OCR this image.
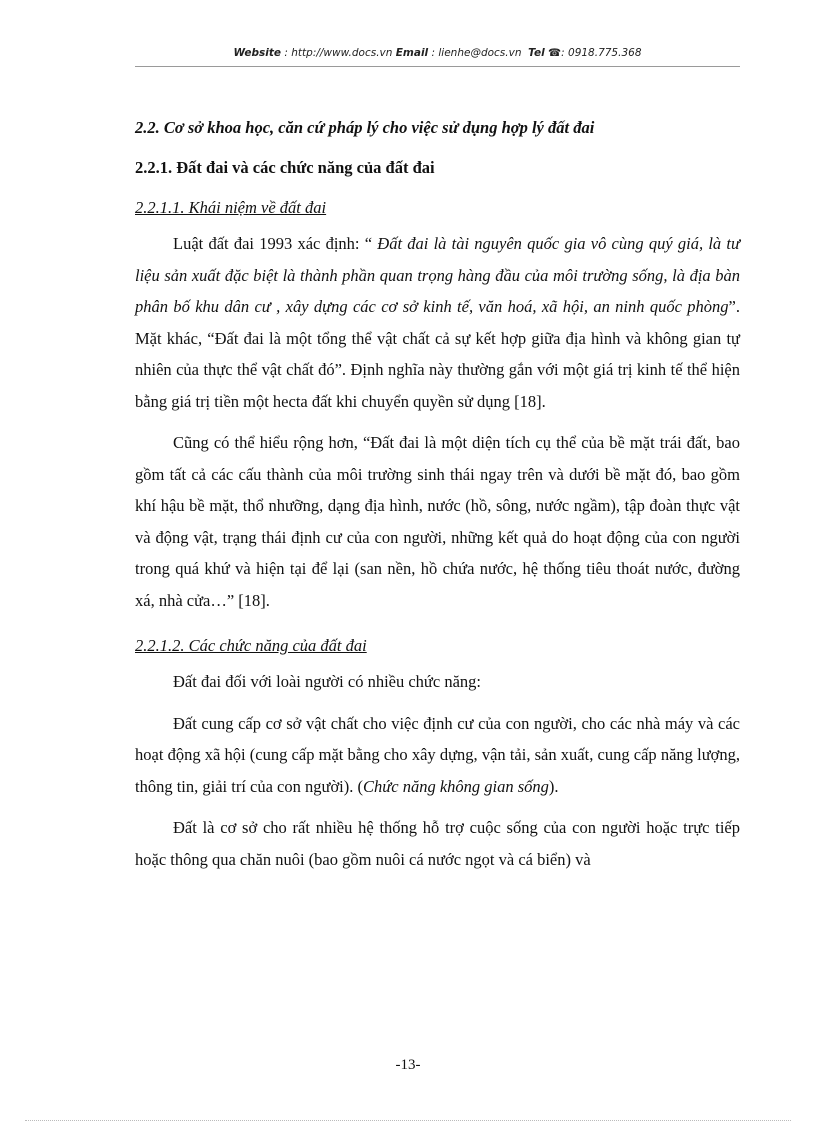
Website : http://www.docs.vn Email : lienhe@docs.vn Tel ☎: 0918.775.368

2.2. Cơ sở khoa học, căn cứ pháp lý cho việc sử dụng hợp lý đất đai

2.2.1. Đất đai và các chức năng của đất đai

2.2.1.1. Khái niệm về đất đai

Luật đất đai 1993 xác định: “ Đất đai là tài nguyên quốc gia vô cùng quý giá, là tư liệu sản xuất đặc biệt là thành phần quan trọng hàng đầu của môi trường sống, là địa bàn phân bố khu dân cư , xây dựng các cơ sở kinh tế, văn hoá, xã hội, an ninh quốc phòng”. Mặt khác, “Đất đai là một tổng thể vật chất cả sự kết hợp giữa địa hình và không gian tự nhiên của thực thể vật chất đó”. Định nghĩa này thường gắn với một giá trị kinh tế thể hiện bằng giá trị tiền một hecta đất khi chuyển quyền sử dụng [18].

Cũng có thể hiểu rộng hơn, “Đất đai là một diện tích cụ thể của bề mặt trái đất, bao gồm tất cả các cấu thành của môi trường sinh thái ngay trên và dưới bề mặt đó, bao gồm khí hậu bề mặt, thổ nhưỡng, dạng địa hình, nước (hồ, sông, nước ngầm), tập đoàn thực vật và động vật, trạng thái định cư của con người, những kết quả do hoạt động của con người trong quá khứ và hiện tại để lại (san nền, hồ chứa nước, hệ thống tiêu thoát nước, đường xá, nhà cửa…” [18].

2.2.1.2. Các chức năng của đất đai

Đất đai đối với loài người có nhiều chức năng:

Đất cung cấp cơ sở vật chất cho việc định cư của con người, cho các nhà máy và các hoạt động xã hội (cung cấp mặt bằng cho xây dựng, vận tải, sản xuất, cung cấp năng lượng, thông tin, giải trí của con người). (Chức năng không gian sống).

Đất là cơ sở cho rất nhiều hệ thống hỗ trợ cuộc sống của con người hoặc trực tiếp hoặc thông qua chăn nuôi (bao gồm nuôi cá nước ngọt và cá biển) và

-13-
